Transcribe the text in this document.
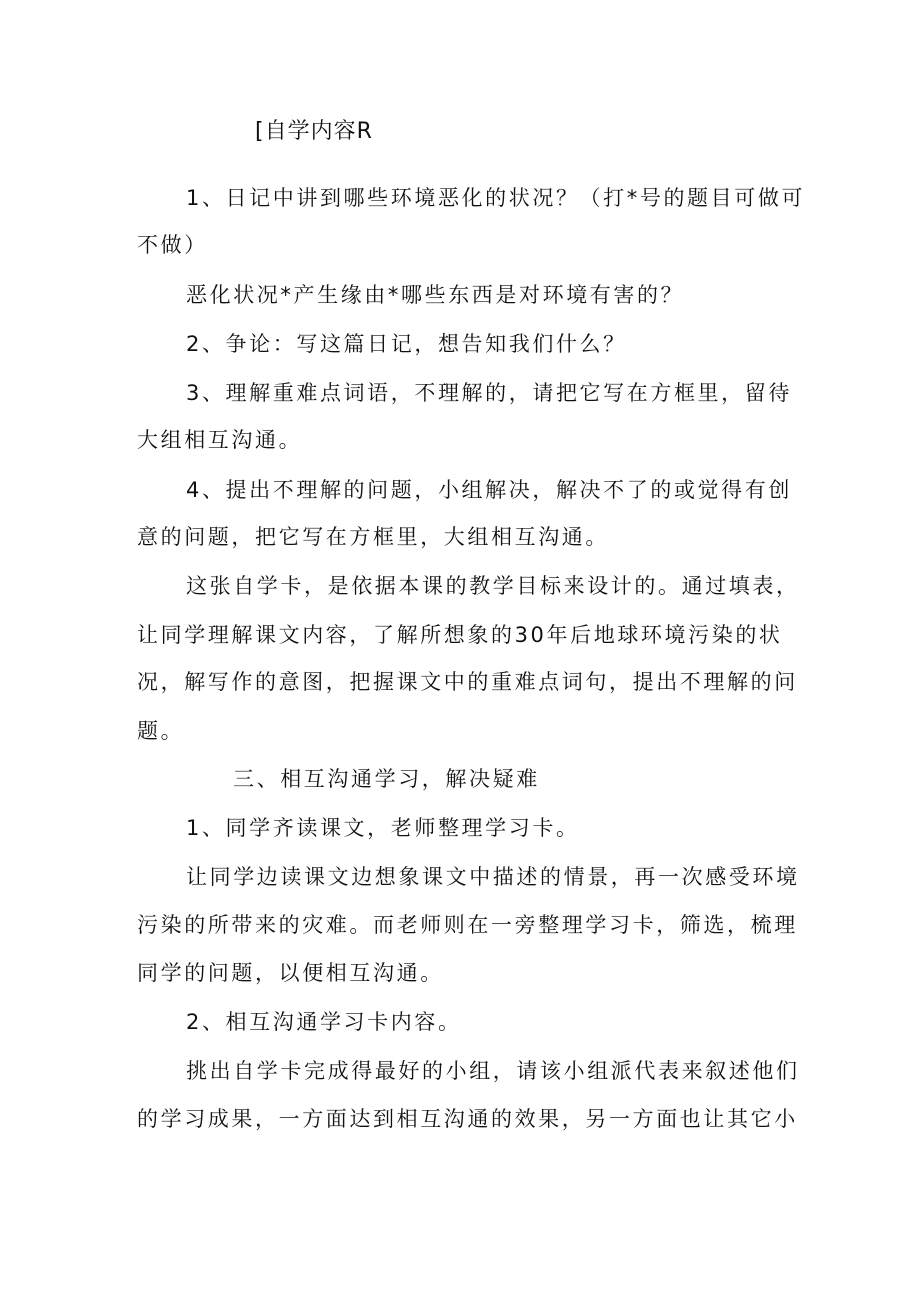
[自学内容R
1、日记中讲到哪些环境恶化的状况？（打*号的题目可做可
不做）
恶化状况*产生缘由*哪些东西是对环境有害的？
2、争论：写这篇日记，想告知我们什么？
3、理解重难点词语，不理解的，请把它写在方框里，留待
大组相互沟通。
4、提出不理解的问题，小组解决，解决不了的或觉得有创
意的问题，把它写在方框里，大组相互沟通。
这张自学卡，是依据本课的教学目标来设计的。通过填表，
让同学理解课文内容，了解所想象的30年后地球环境污染的状
况，解写作的意图，把握课文中的重难点词句，提出不理解的问
题。
三、相互沟通学习，解决疑难
1、同学齐读课文，老师整理学习卡。
让同学边读课文边想象课文中描述的情景，再一次感受环境
污染的所带来的灾难。而老师则在一旁整理学习卡，筛选，梳理
同学的问题，以便相互沟通。
2、相互沟通学习卡内容。
挑出自学卡完成得最好的小组，请该小组派代表来叙述他们
的学习成果，一方面达到相互沟通的效果，另一方面也让其它小
